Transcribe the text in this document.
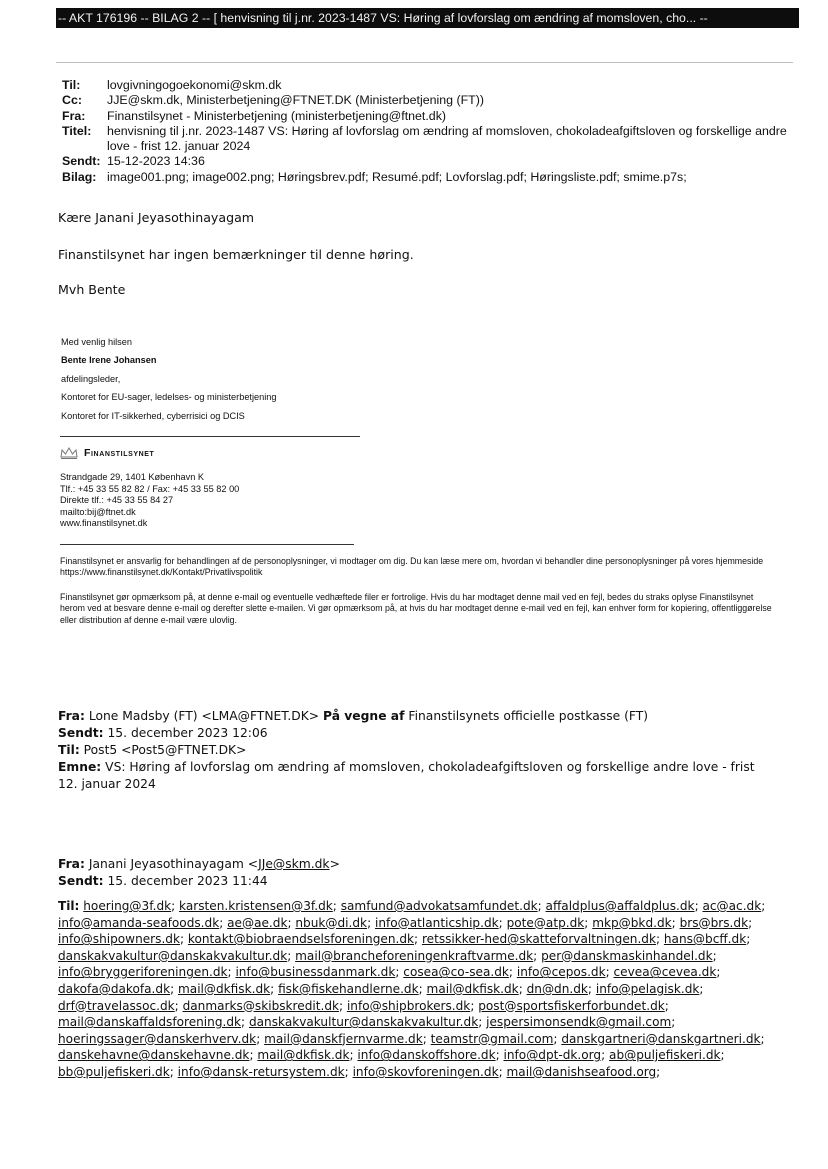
-- AKT 176196 -- BILAG 2 -- [ henvisning til j.nr. 2023-1487 VS: Høring af lovforslag om ændring af momsloven, cho... --
Til:	lovgivningogoekonomi@skm.dk
Cc:	JJE@skm.dk, Ministerbetjening@FTNET.DK (Ministerbetjening (FT))
Fra:	Finanstilsynet - Ministerbetjening (ministerbetjening@ftnet.dk)
Titel:	henvisning til j.nr. 2023-1487 VS: Høring af lovforslag om ændring af momsloven, chokoladeafgiftsloven og forskellige andre love - frist 12. januar 2024
Sendt: 15-12-2023 14:36
Bilag: image001.png; image002.png; Høringsbrev.pdf; Resumé.pdf; Lovforslag.pdf; Høringsliste.pdf; smime.p7s;
Kære Janani Jeyasothinayagam
Finanstilsynet har ingen bemærkninger til denne høring.
Mvh Bente
Med venlig hilsen
Bente Irene Johansen
afdelingsleder,
Kontoret for EU-sager, ledelses- og ministerbetjening
Kontoret for IT-sikkerhed, cyberrisici og DCIS
Finanstilsynet
Strandgade 29, 1401 København K
Tlf.: +45 33 55 82 82 / Fax: +45 33 55 82 00
Direkte tlf.: +45 33 55 84 27
mailto:bij@ftnet.dk
www.finanstilsynet.dk
Finanstilsynet er ansvarlig for behandlingen af de personoplysninger, vi modtager om dig. Du kan læse mere om, hvordan vi behandler dine personoplysninger på vores hjemmeside https://www.finanstilsynet.dk/Kontakt/Privatlivspolitik
Finanstilsynet gør opmærksom på, at denne e-mail og eventuelle vedhæftede filer er fortrolige. Hvis du har modtaget denne mail ved en fejl, bedes du straks oplyse Finanstilsynet herom ved at besvare denne e-mail og derefter slette e-mailen. Vi gør opmærksom på, at hvis du har modtaget denne e-mail ved en fejl, kan enhver form for kopiering, offentliggørelse eller distribution af denne e-mail være ulovlig.
Fra: Lone Madsby (FT) <LMA@FTNET.DK> På vegne af Finanstilsynets officielle postkasse (FT)
Sendt: 15. december 2023 12:06
Til: Post5 <Post5@FTNET.DK>
Emne: VS: Høring af lovforslag om ændring af momsloven, chokoladeafgiftsloven og forskellige andre love - frist 12. januar 2024
Fra: Janani Jeyasothinayagam <JJe@skm.dk>
Sendt: 15. december 2023 11:44
Til: hoering@3f.dk; karsten.kristensen@3f.dk; samfund@advokatsamfundet.dk; affaldplus@affaldplus.dk; ac@ac.dk; info@amanda-seafoods.dk; ae@ae.dk; nbuk@di.dk; info@atlanticship.dk; pote@atp.dk; mkp@bkd.dk; brs@brs.dk; info@shipowners.dk; kontakt@biobraendselsforeningen.dk; retssikker-hed@skatteforvaltningen.dk; hans@bcff.dk; danskakvakultur@danskakvakultur.dk; mail@brancheforeningenkraftvarme.dk; per@danskmaskinhandel.dk; info@bryggeriforeningen.dk; info@businessdanmark.dk; cosea@co-sea.dk; info@cepos.dk; cevea@cevea.dk; dakofa@dakofa.dk; mail@dkfisk.dk; fisk@fiskehandlerne.dk; mail@dkfisk.dk; dn@dn.dk; info@pelagisk.dk; drf@travelassoc.dk; danmarks@skibskredit.dk; info@shipbrokers.dk; post@sportsfiskerforbundet.dk; mail@danskaffaldsforening.dk; danskakvakultur@danskakvakultur.dk; jespersimonsendk@gmail.com; hoeringssager@danskerhverv.dk; mail@danskfjernvarme.dk; teamstr@gmail.com; danskgartneri@danskgartneri.dk; danskehavne@danskehavne.dk; mail@dkfisk.dk; info@danskoffshore.dk; info@dpt-dk.org; ab@puljefiskeri.dk; bb@puljefiskeri.dk; info@dansk-retursystem.dk; info@skovforeningen.dk; mail@danishseafood.org;
